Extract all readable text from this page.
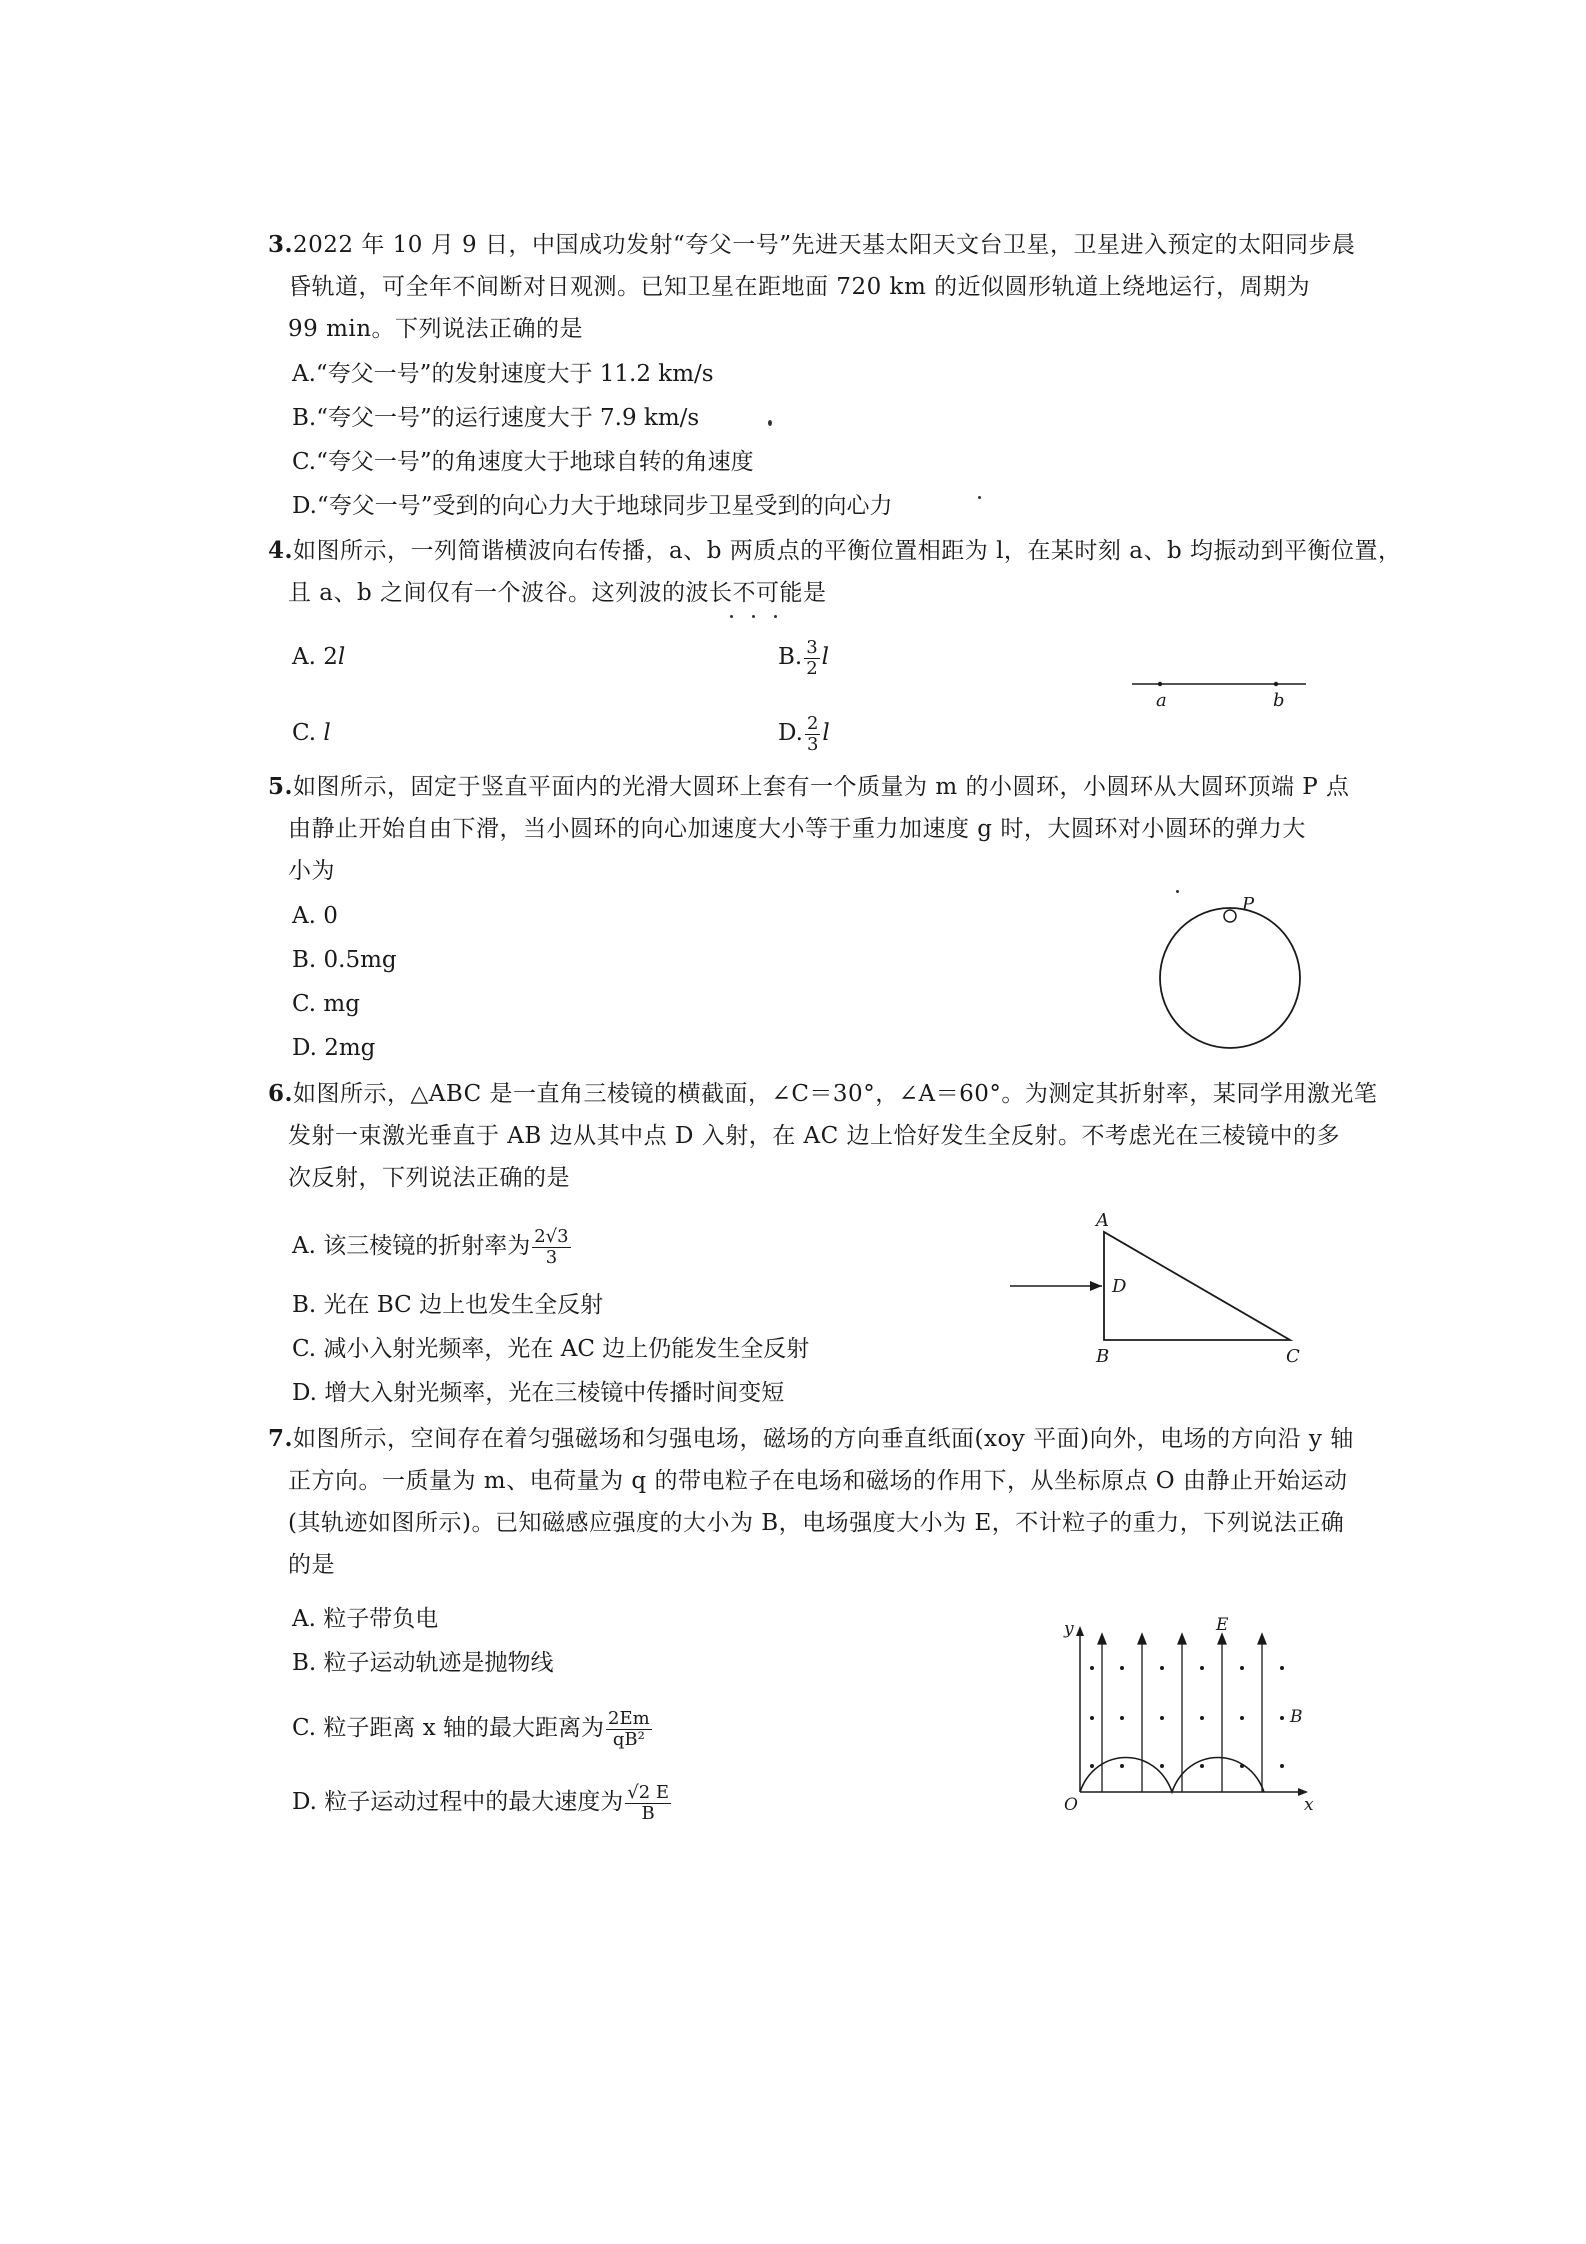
3.2022 年 10 月 9 日，中国成功发射“夸父一号”先进天基太阳天文台卫星，卫星进入预定的太阳同步晨
昏轨道，可全年不间断对日观测。已知卫星在距地面 720 km 的近似圆形轨道上绕地运行，周期为
99 min。下列说法正确的是
A.“夸父一号”的发射速度大于 11.2 km/s
B.“夸父一号”的运行速度大于 7.9 km/s
C.“夸父一号”的角速度大于地球自转的角速度
D.“夸父一号”受到的向心力大于地球同步卫星受到的向心力
4.如图所示，一列简谐横波向右传播，a、b 两质点的平衡位置相距为 l，在某时刻 a、b 均振动到平衡位置，
且 a、b 之间仅有一个波谷。这列波的波长不可能是
A. 2l	B. $\frac{3}{2}$ l
C. l	D. $\frac{2}{3}$ l
a	b
5.如图所示，固定于竖直平面内的光滑大圆环上套有一个质量为 m 的小圆环，小圆环从大圆环顶端 P 点
由静止开始自由下滑，当小圆环的向心加速度大小等于重力加速度 g 时，大圆环对小圆环的弹力大
小为
A. 0
B. 0.5mg
C. mg
D. 2mg
P
6.如图所示，△ABC 是一直角三棱镜的横截面，∠C＝30°，∠A＝60°。为测定其折射率，某同学用激光笔
发射一束激光垂直于 AB 边从其中点 D 入射，在 AC 边上恰好发生全反射。不考虑光在三棱镜中的多
次反射，下列说法正确的是
A. 该三棱镜的折射率为 $\frac{2√3}{3}$
B. 光在 BC 边上也发生全反射
C. 减小入射光频率，光在 AC 边上仍能发生全反射
D. 增大入射光频率，光在三棱镜中传播时间变短
A
B	C
D
7.如图所示，空间存在着匀强磁场和匀强电场，磁场的方向垂直纸面(xoy 平面)向外，电场的方向沿 y 轴
正方向。一质量为 m、电荷量为 q 的带电粒子在电场和磁场的作用下，从坐标原点 O 由静止开始运动
(其轨迹如图所示)。已知磁感应强度的大小为 B，电场强度大小为 E，不计粒子的重力，下列说法正确
的是
A. 粒子带负电
B. 粒子运动轨迹是抛物线
C. 粒子距离 x 轴的最大距离为 $\frac{2Em}{\text{qB²}}$
D. 粒子运动过程中的最大速度为 $\frac{√2 E}{B}$
y
x
O
E
B
